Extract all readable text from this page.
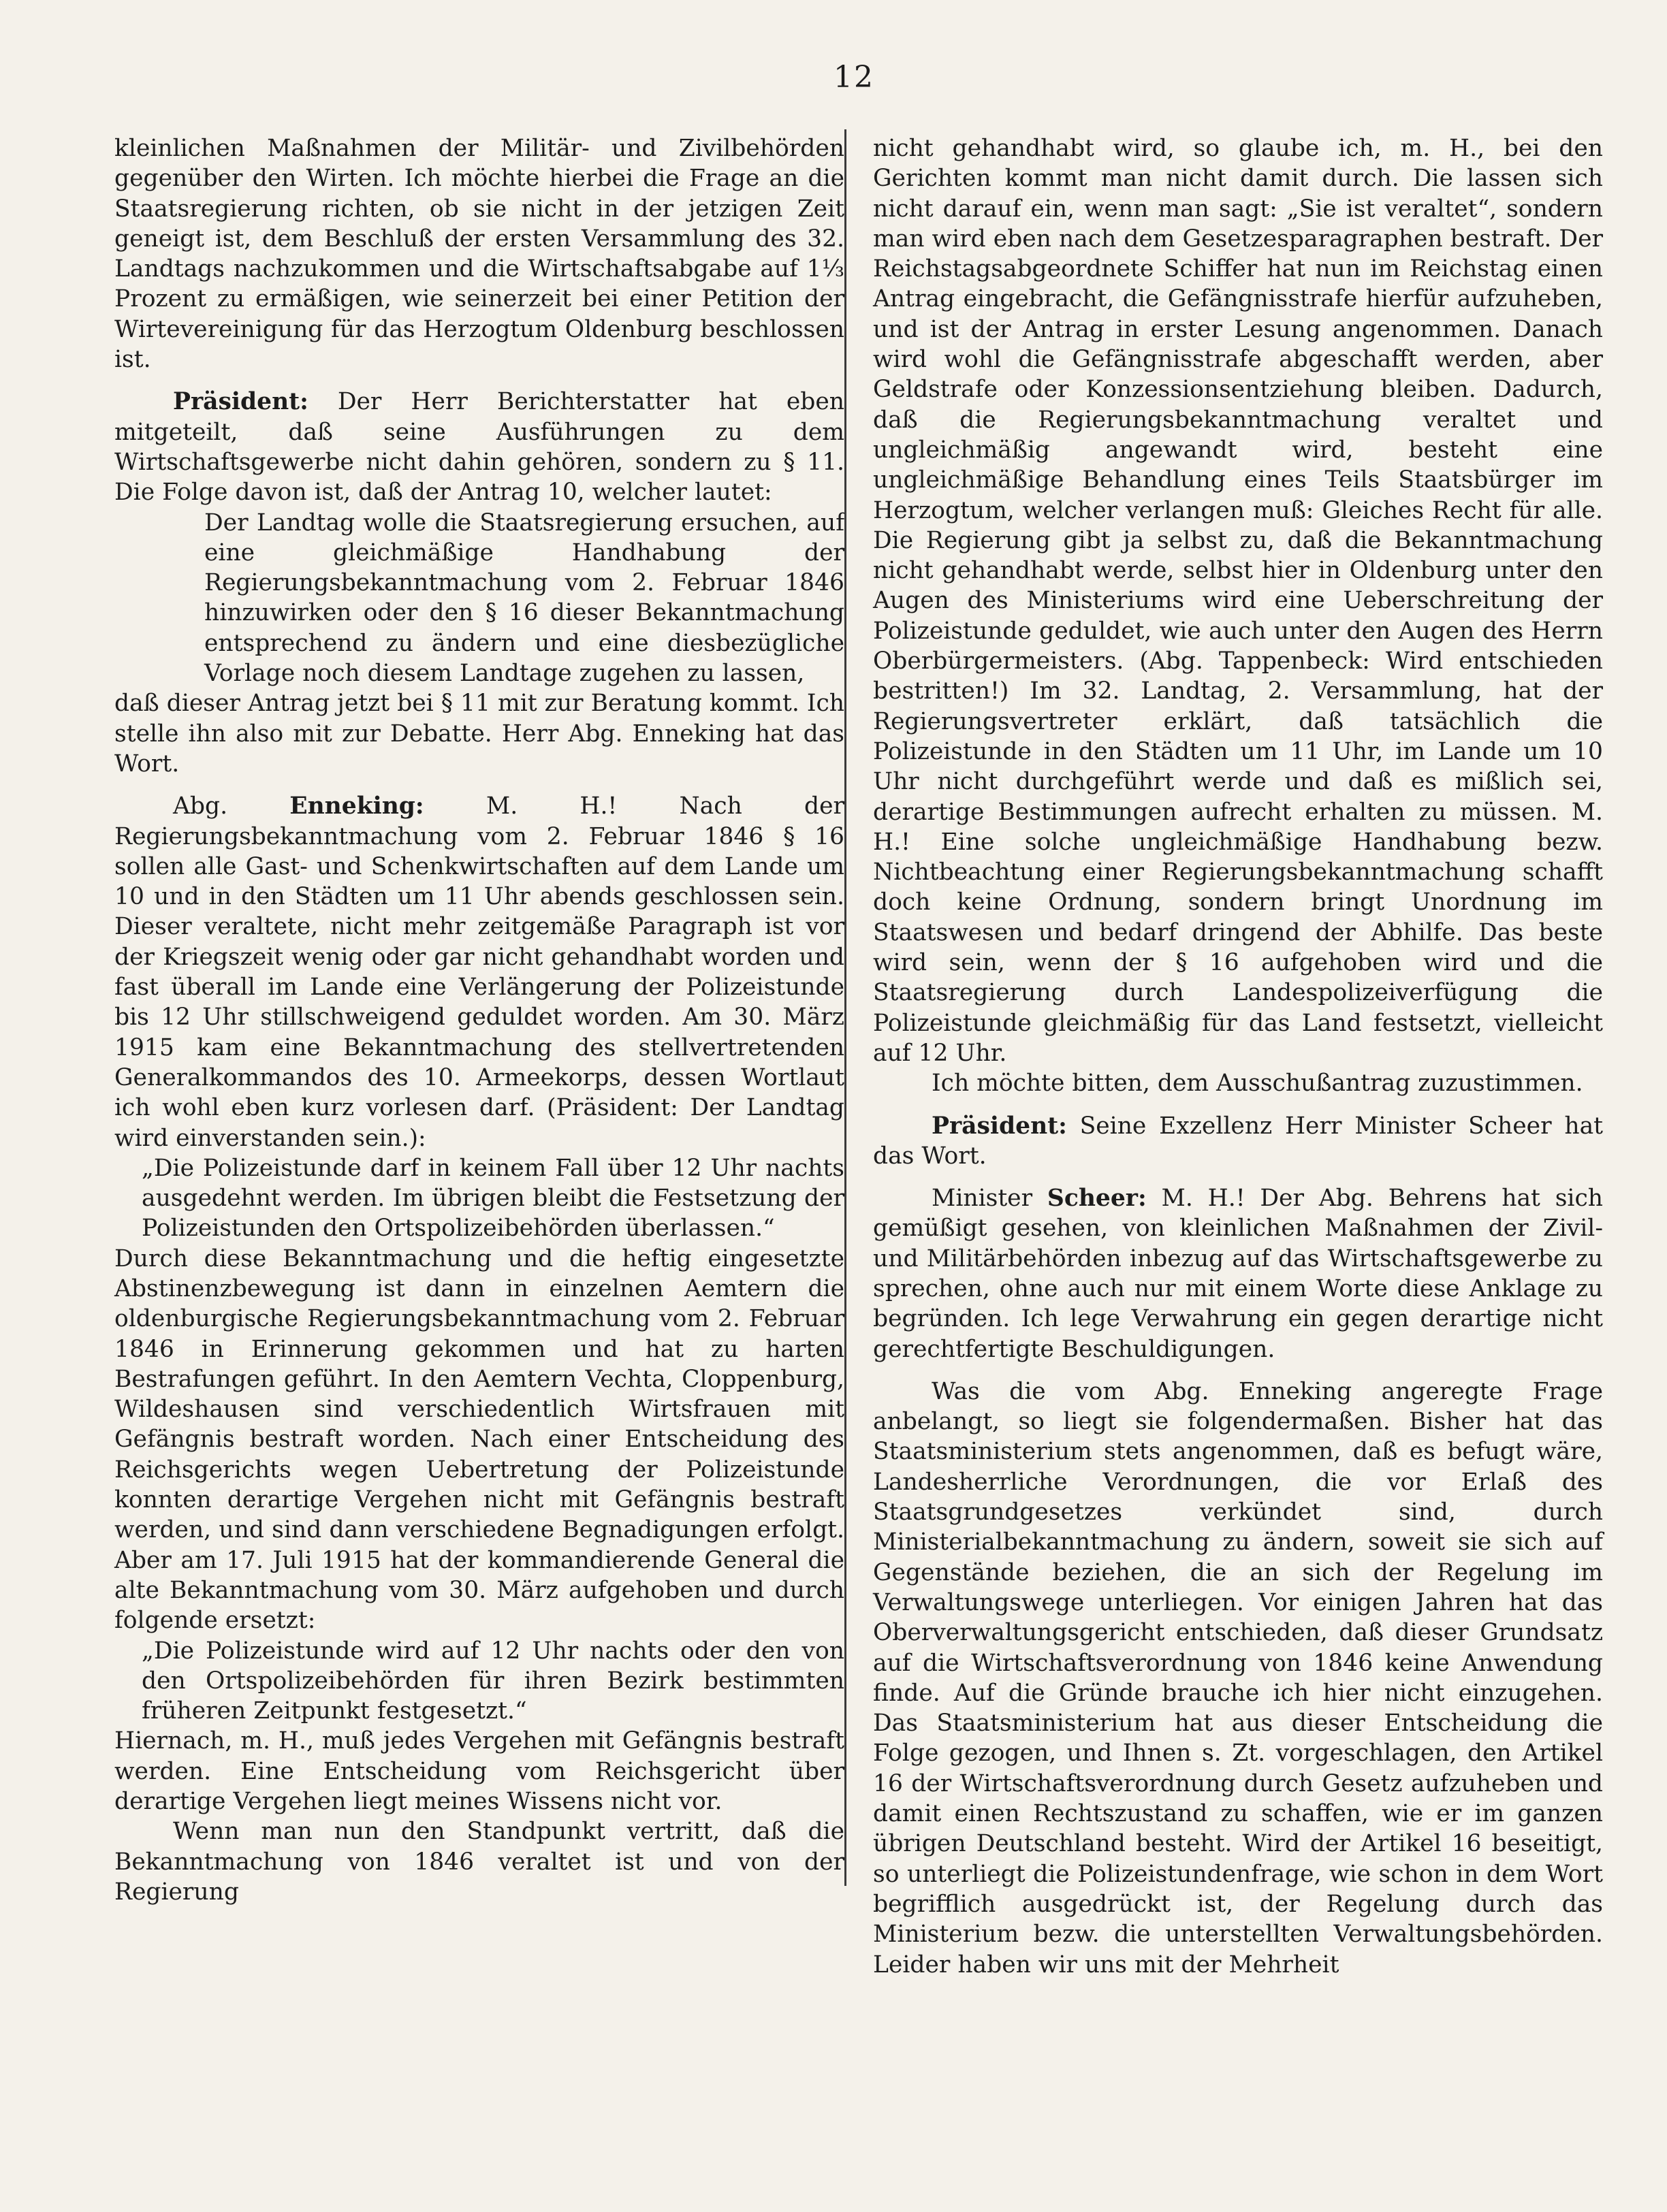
12

kleinlichen Maßnahmen der Militär- und Zivilbehörden gegenüber den Wirten. Ich möchte hierbei die Frage an die Staatsregierung richten, ob sie nicht in der jetzigen Zeit geneigt ist, dem Beschluß der ersten Versammlung des 32. Landtags nachzukommen und die Wirtschaftsabgabe auf 1⅓ Prozent zu ermäßigen, wie seinerzeit bei einer Petition der Wirtevereinigung für das Herzogtum Oldenburg beschlossen ist.

Präsident: Der Herr Berichterstatter hat eben mitgeteilt, daß seine Ausführungen zu dem Wirtschaftsgewerbe nicht dahin gehören, sondern zu § 11. Die Folge davon ist, daß der Antrag 10, welcher lautet:

Der Landtag wolle die Staatsregierung ersuchen, auf eine gleichmäßige Handhabung der Regierungsbekanntmachung vom 2. Februar 1846 hinzuwirken oder den § 16 dieser Bekanntmachung entsprechend zu ändern und eine diesbezügliche Vorlage noch diesem Landtage zugehen zu lassen,

daß dieser Antrag jetzt bei § 11 mit zur Beratung kommt. Ich stelle ihn also mit zur Debatte. Herr Abg. Enneking hat das Wort.

Abg.	Enneking:	M. H.! Nach der Regierungsbekanntmachung vom 2. Februar 1846 § 16 sollen alle Gast- und Schenkwirtschaften auf dem Lande um 10 und in den Städten um 11 Uhr abends geschlossen sein. Dieser veraltete, nicht mehr zeitgemäße Paragraph ist vor der Kriegszeit wenig oder gar nicht gehandhabt worden und fast überall im Lande eine Verlängerung der Polizeistunde bis 12 Uhr stillschweigend geduldet worden. Am 30. März 1915 kam eine Bekanntmachung des stellvertretenden Generalkommandos des 10. Armeekorps, dessen Wortlaut ich wohl eben kurz vorlesen darf. (Präsident: Der Landtag wird einverstanden sein.):

„Die Polizeistunde darf in keinem Fall über 12 Uhr nachts ausgedehnt werden. Im übrigen bleibt die Festsetzung der Polizeistunden den Ortspolizeibehörden überlassen.“

Durch diese Bekanntmachung und die heftig eingesetzte Abstinenzbewegung ist dann in einzelnen Aemtern die oldenburgische Regierungsbekanntmachung vom 2. Februar 1846 in Erinnerung gekommen und hat zu harten Bestrafungen geführt. In den Aemtern Vechta, Cloppenburg, Wildeshausen sind verschiedentlich Wirtsfrauen mit Gefängnis bestraft worden. Nach einer Entscheidung des Reichsgerichts wegen Uebertretung der Polizeistunde konnten derartige Vergehen nicht mit Gefängnis bestraft werden, und sind dann verschiedene Begnadigungen erfolgt. Aber am 17. Juli 1915 hat der kommandierende General die alte Bekanntmachung vom 30. März aufgehoben und durch folgende ersetzt:

„Die Polizeistunde wird auf 12 Uhr nachts oder den von den Ortspolizeibehörden für ihren Bezirk bestimmten früheren Zeitpunkt festgesetzt.“

Hiernach, m. H., muß jedes Vergehen mit Gefängnis bestraft werden. Eine Entscheidung vom Reichsgericht über derartige Vergehen liegt meines Wissens nicht vor.

Wenn man nun den Standpunkt vertritt, daß die Bekanntmachung von 1846 veraltet ist und von der Regierung

nicht gehandhabt wird, so glaube ich, m. H., bei den Gerichten kommt man nicht damit durch. Die lassen sich nicht darauf ein, wenn man sagt: „Sie ist veraltet“, sondern man wird eben nach dem Gesetzesparagraphen bestraft. Der Reichstagsabgeordnete Schiffer hat nun im Reichstag einen Antrag eingebracht, die Gefängnisstrafe hierfür aufzuheben, und ist der Antrag in erster Lesung angenommen. Danach wird wohl die Gefängnisstrafe abgeschafft werden, aber Geldstrafe oder Konzessionsentziehung bleiben. Dadurch, daß die Regierungsbekanntmachung veraltet und ungleichmäßig angewandt wird, besteht eine ungleichmäßige Behandlung eines Teils Staatsbürger im Herzogtum, welcher verlangen muß: Gleiches Recht für alle. Die Regierung gibt ja selbst zu, daß die Bekanntmachung nicht gehandhabt werde, selbst hier in Oldenburg unter den Augen des Ministeriums wird eine Ueberschreitung der Polizeistunde geduldet, wie auch unter den Augen des Herrn Oberbürgermeisters. (Abg. Tappenbeck: Wird entschieden bestritten!) Im 32. Landtag, 2. Versammlung, hat der Regierungsvertreter erklärt, daß tatsächlich die Polizeistunde in den Städten um 11 Uhr, im Lande um 10 Uhr nicht durchgeführt werde und daß es mißlich sei, derartige Bestimmungen aufrecht erhalten zu müssen. M. H.! Eine solche ungleichmäßige Handhabung bezw. Nichtbeachtung einer Regierungsbekanntmachung schafft doch keine Ordnung, sondern bringt Unordnung im Staatswesen und bedarf dringend der Abhilfe. Das beste wird sein, wenn der § 16 aufgehoben wird und die Staatsregierung durch Landespolizeiverfügung die Polizeistunde gleichmäßig für das Land festsetzt, vielleicht auf 12 Uhr.

Ich möchte bitten, dem Ausschußantrag zuzustimmen.

Präsident: Seine Exzellenz Herr Minister Scheer hat das Wort.

Minister Scheer: M. H.! Der Abg. Behrens hat sich gemüßigt gesehen, von kleinlichen Maßnahmen der Zivil- und Militärbehörden inbezug auf das Wirtschaftsgewerbe zu sprechen, ohne auch nur mit einem Worte diese Anklage zu begründen. Ich lege Verwahrung ein gegen derartige nicht gerechtfertigte Beschuldigungen.

Was die vom Abg. Enneking angeregte Frage anbelangt, so liegt sie folgendermaßen. Bisher hat das Staatsministerium stets angenommen, daß es befugt wäre, Landesherrliche Verordnungen, die vor Erlaß des Staatsgrundgesetzes verkündet sind, durch Ministerialbekanntmachung zu ändern, soweit sie sich auf Gegenstände beziehen, die an sich der Regelung im Verwaltungswege unterliegen. Vor einigen Jahren hat das Oberverwaltungsgericht entschieden, daß dieser Grundsatz auf die Wirtschaftsverordnung von 1846 keine Anwendung finde. Auf die Gründe brauche ich hier nicht einzugehen. Das Staatsministerium hat aus dieser Entscheidung die Folge gezogen, und Ihnen s. Zt. vorgeschlagen, den Artikel 16 der Wirtschaftsverordnung durch Gesetz aufzuheben und damit einen Rechtszustand zu schaffen, wie er im ganzen übrigen Deutschland besteht. Wird der Artikel 16 beseitigt, so unterliegt die Polizeistundenfrage, wie schon in dem Wort begrifflich ausgedrückt ist, der Regelung durch das Ministerium bezw. die unterstellten Verwaltungsbehörden. Leider haben wir uns mit der Mehrheit
